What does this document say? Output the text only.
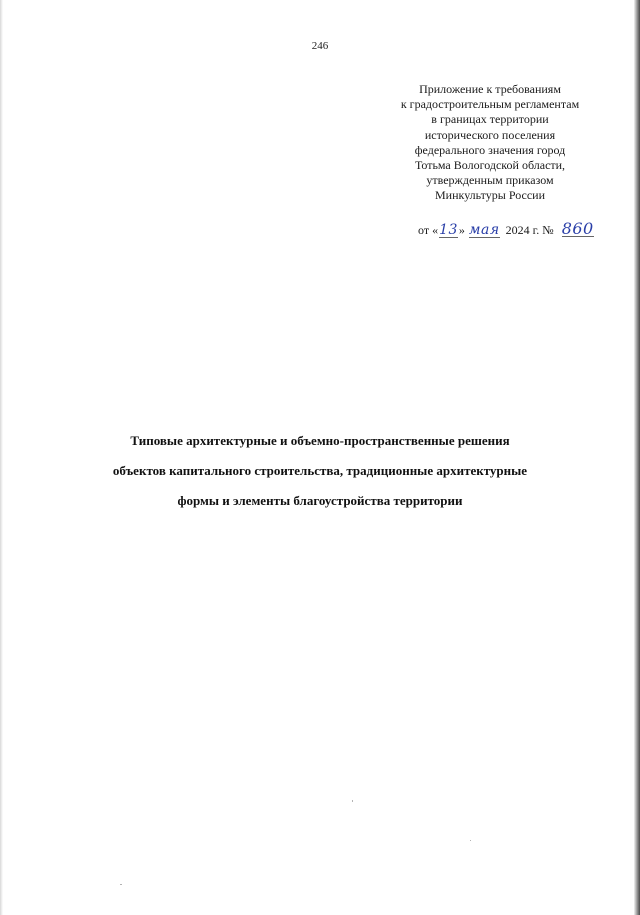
246
Приложение к требованиям
к градостроительным регламентам
в границах территории
исторического поселения
федерального значения город
Тотьма Вологодской области,
утвержденным приказом
Минкультуры России
от «13» мая 2024 г. № 860
Типовые архитектурные и объемно-пространственные решения
объектов капитального строительства, традиционные архитектурные
формы и элементы благоустройства территории
